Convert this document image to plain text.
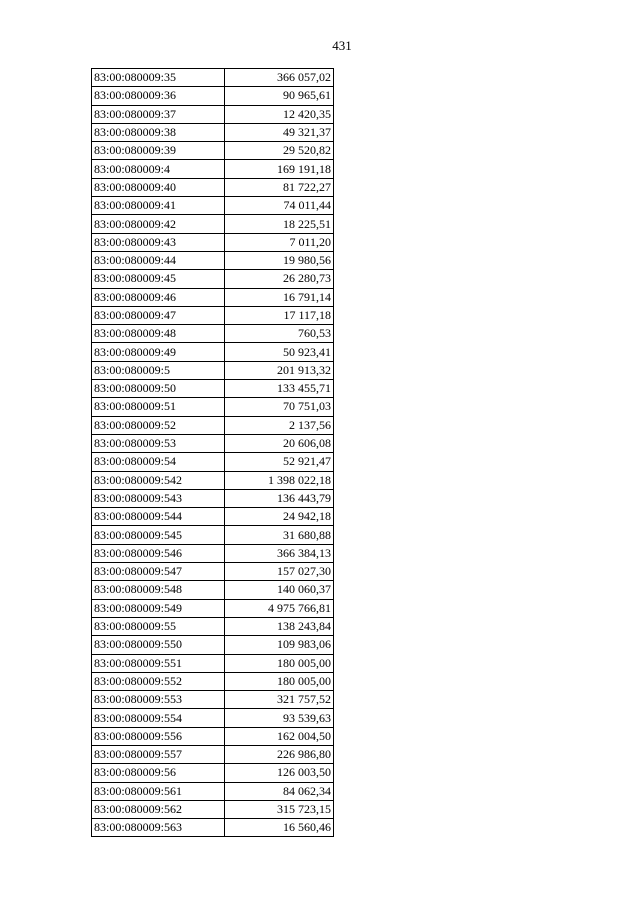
431
83:00:080009:35	366 057,02
83:00:080009:36	90 965,61
83:00:080009:37	12 420,35
83:00:080009:38	49 321,37
83:00:080009:39	29 520,82
83:00:080009:4	169 191,18
83:00:080009:40	81 722,27
83:00:080009:41	74 011,44
83:00:080009:42	18 225,51
83:00:080009:43	7 011,20
83:00:080009:44	19 980,56
83:00:080009:45	26 280,73
83:00:080009:46	16 791,14
83:00:080009:47	17 117,18
83:00:080009:48	760,53
83:00:080009:49	50 923,41
83:00:080009:5	201 913,32
83:00:080009:50	133 455,71
83:00:080009:51	70 751,03
83:00:080009:52	2 137,56
83:00:080009:53	20 606,08
83:00:080009:54	52 921,47
83:00:080009:542	1 398 022,18
83:00:080009:543	136 443,79
83:00:080009:544	24 942,18
83:00:080009:545	31 680,88
83:00:080009:546	366 384,13
83:00:080009:547	157 027,30
83:00:080009:548	140 060,37
83:00:080009:549	4 975 766,81
83:00:080009:55	138 243,84
83:00:080009:550	109 983,06
83:00:080009:551	180 005,00
83:00:080009:552	180 005,00
83:00:080009:553	321 757,52
83:00:080009:554	93 539,63
83:00:080009:556	162 004,50
83:00:080009:557	226 986,80
83:00:080009:56	126 003,50
83:00:080009:561	84 062,34
83:00:080009:562	315 723,15
83:00:080009:563	16 560,46
